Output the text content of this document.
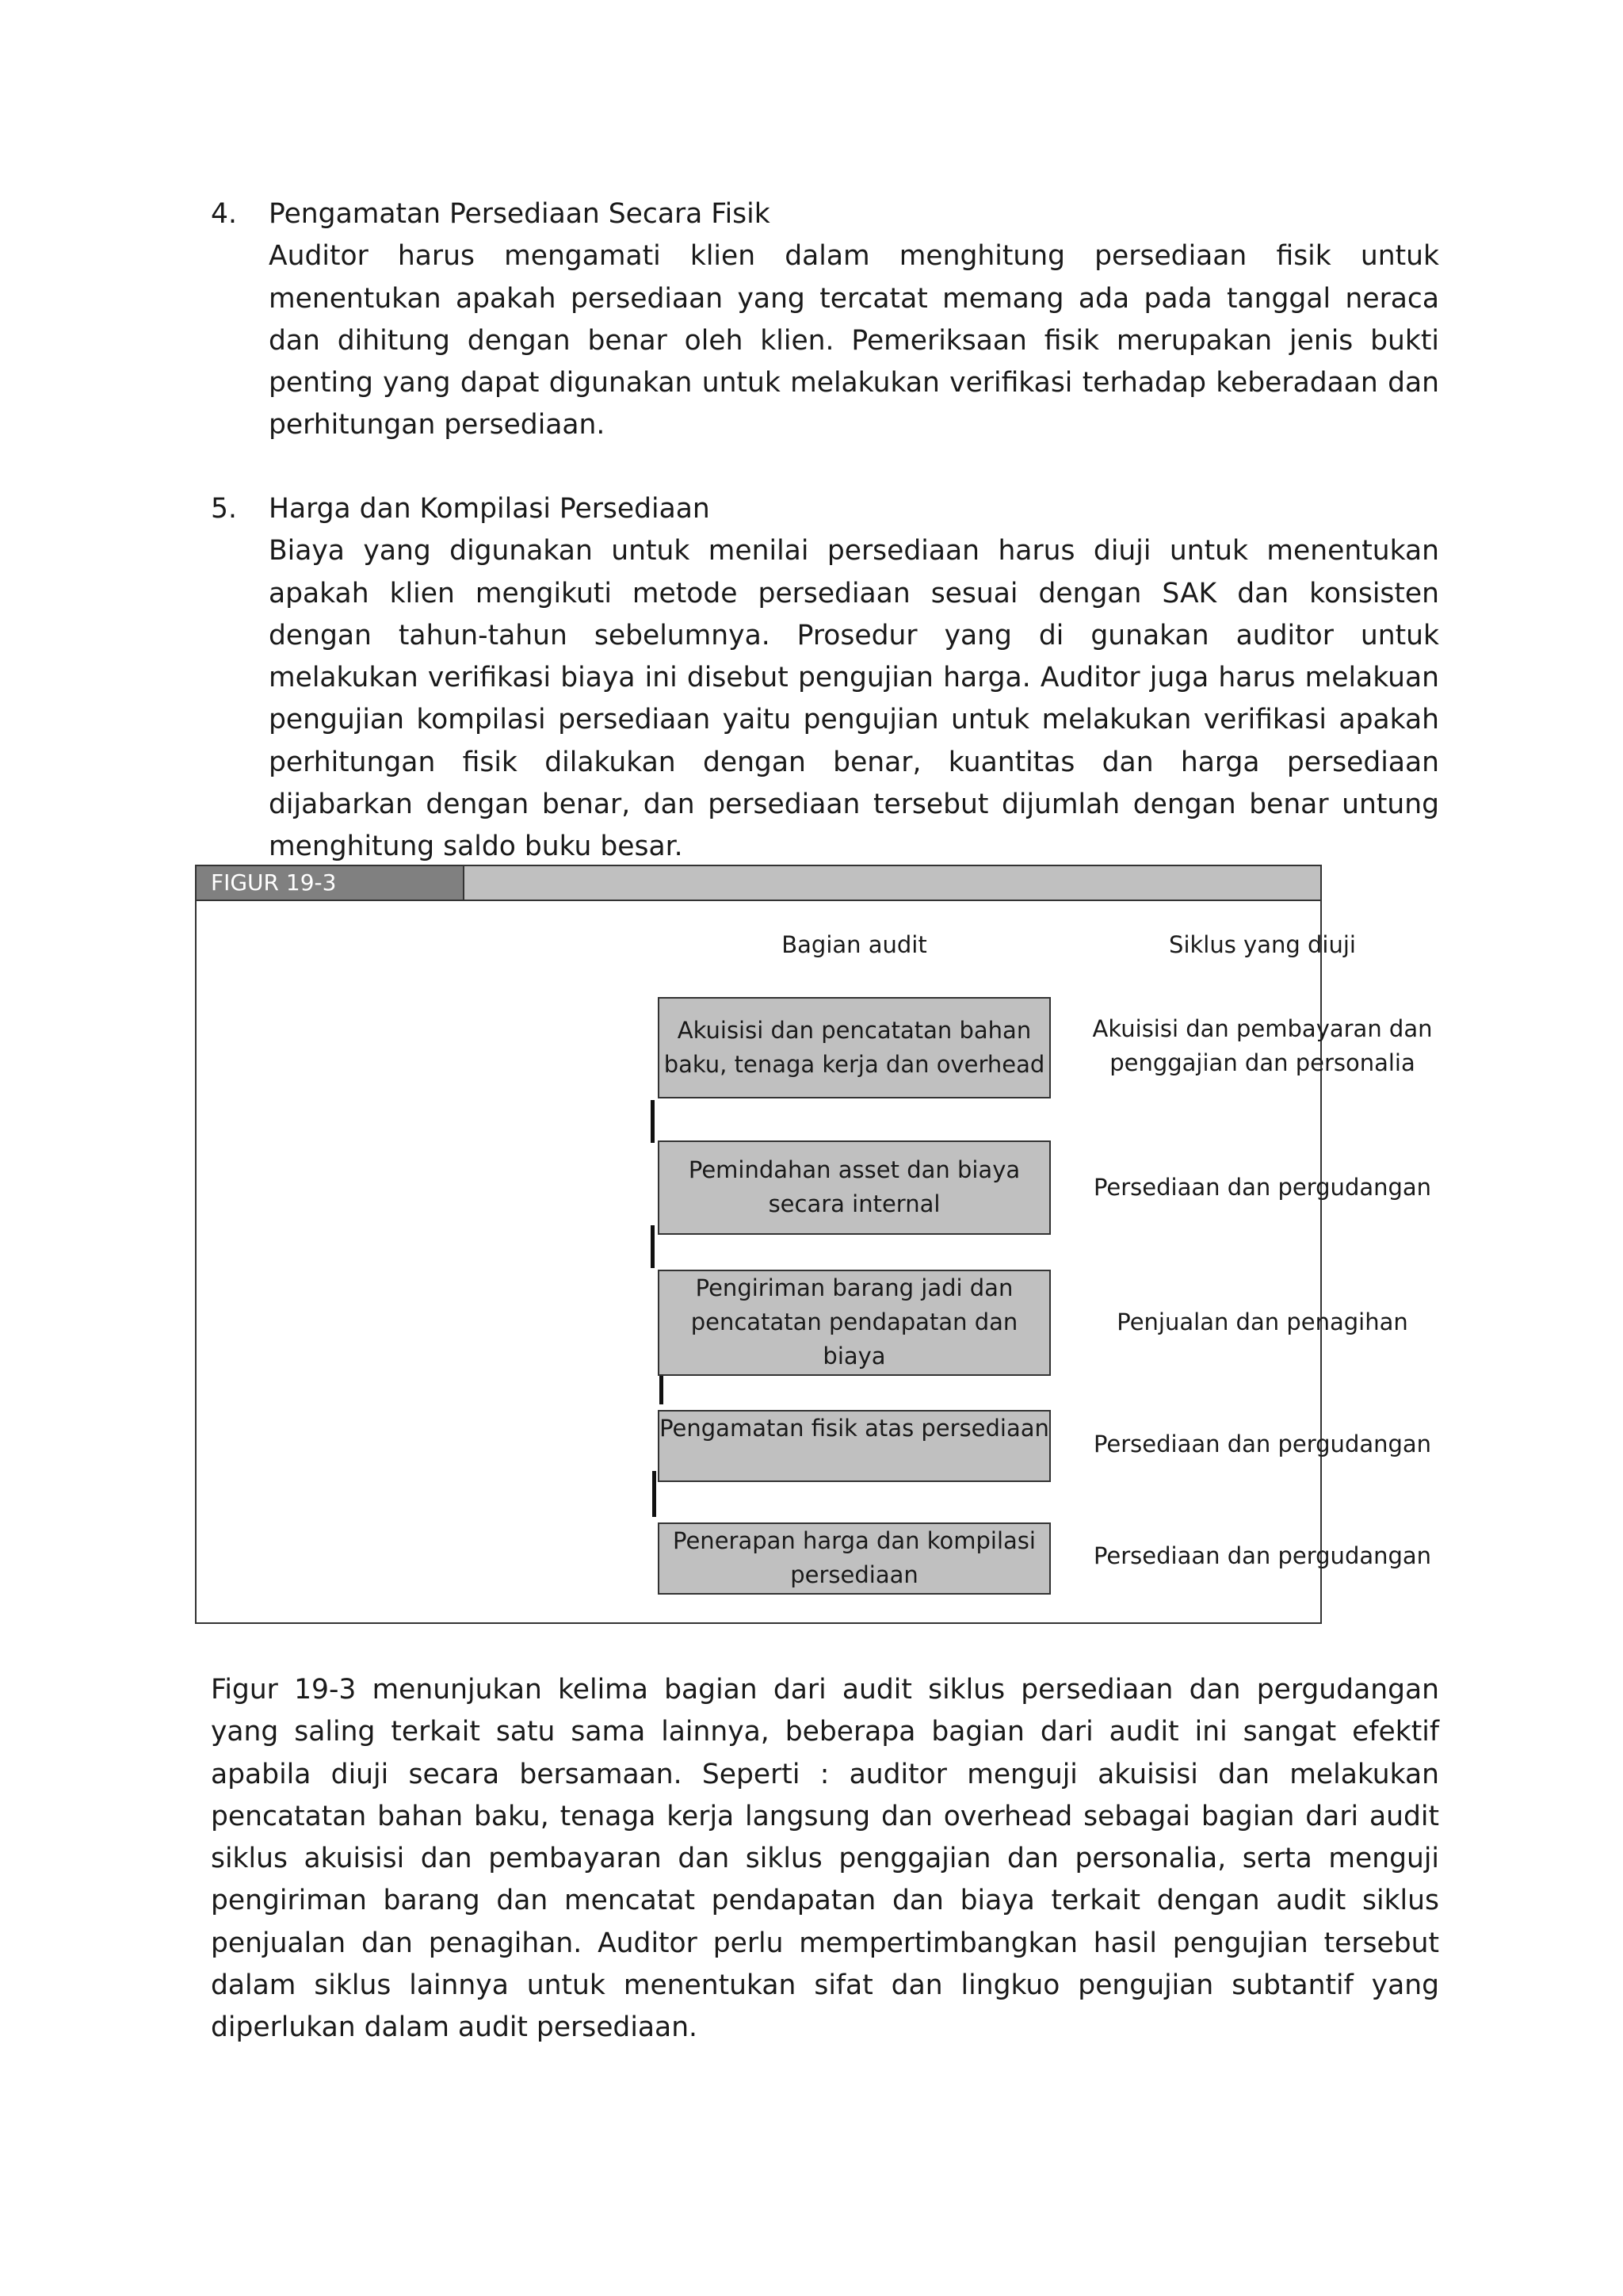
4. Pengamatan Persediaan Secara Fisik
Auditor harus mengamati klien dalam menghitung persediaan fisik untuk menentukan apakah persediaan yang tercatat memang ada pada tanggal neraca dan dihitung dengan benar oleh klien. Pemeriksaan fisik merupakan jenis bukti penting yang dapat digunakan untuk melakukan verifikasi terhadap keberadaan dan perhitungan persediaan.
5. Harga dan Kompilasi Persediaan
Biaya yang digunakan untuk menilai persediaan harus diuji untuk menentukan apakah klien mengikuti metode persediaan sesuai dengan SAK dan konsisten dengan tahun-tahun sebelumnya. Prosedur yang di gunakan auditor untuk melakukan verifikasi biaya ini disebut pengujian harga. Auditor juga harus melakuan pengujian kompilasi persediaan yaitu pengujian untuk melakukan verifikasi apakah perhitungan fisik dilakukan dengan benar, kuantitas dan harga persediaan dijabarkan dengan benar, dan persediaan tersebut dijumlah dengan benar untung menghitung saldo buku besar.
FIGUR 19-3
Bagian audit	Siklus yang diuji
Akuisisi dan pencatatan bahan baku, tenaga kerja dan overhead
Akuisisi dan pembayaran dan penggajian dan personalia
Pemindahan asset dan biaya secara internal
Persediaan dan pergudangan
Pengiriman barang jadi dan pencatatan pendapatan dan biaya
Penjualan dan penagihan
Pengamatan fisik atas persediaan
Persediaan dan pergudangan
Penerapan harga dan kompilasi persediaan
Persediaan dan pergudangan
Figur 19-3 menunjukan kelima bagian dari audit siklus persediaan dan pergudangan yang saling terkait satu sama lainnya, beberapa bagian dari audit ini sangat efektif apabila diuji secara bersamaan. Seperti : auditor menguji akuisisi dan melakukan pencatatan bahan baku, tenaga kerja langsung dan overhead sebagai bagian dari audit siklus akuisisi dan pembayaran dan siklus penggajian dan personalia, serta menguji pengiriman barang dan mencatat pendapatan dan biaya terkait dengan audit siklus penjualan dan penagihan. Auditor perlu mempertimbangkan hasil pengujian tersebut dalam siklus lainnya untuk menentukan sifat dan lingkuo pengujian subtantif yang diperlukan dalam audit persediaan.
